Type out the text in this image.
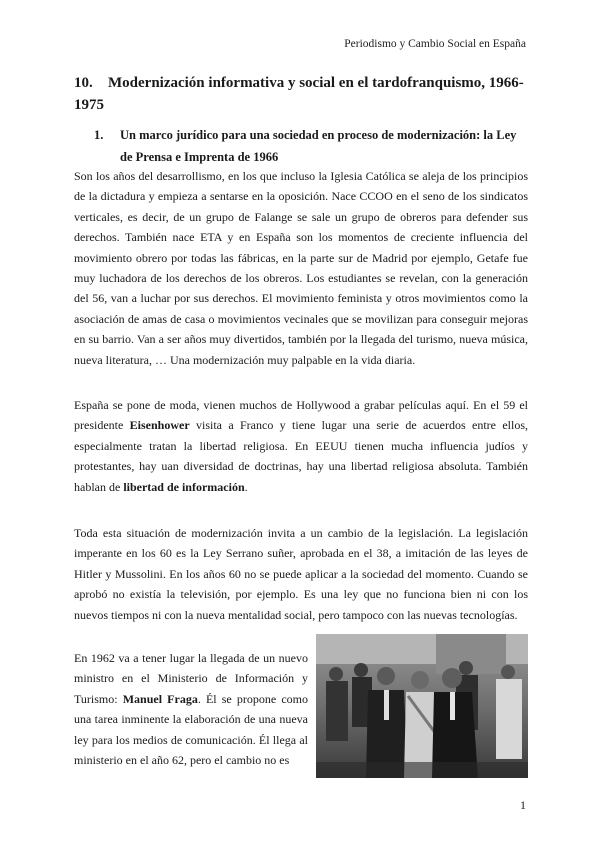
Periodismo y Cambio Social en España
10. Modernización informativa y social en el tardofranquismo, 1966-1975
1.	Un marco jurídico para una sociedad en proceso de modernización: la Ley de Prensa e Imprenta de 1966

Son los años del desarrollismo, en los que incluso la Iglesia Católica se aleja de los principios de la dictadura y empieza a sentarse en la oposición. Nace CCOO en el seno de los sindicatos verticales, es decir, de un grupo de Falange se sale un grupo de obreros para defender sus derechos. También nace ETA y en España son los momentos de creciente influencia del movimiento obrero por todas las fábricas, en la parte sur de Madrid por ejemplo, Getafe fue muy luchadora de los derechos de los obreros. Los estudiantes se revelan, con la generación del 56, van a luchar por sus derechos. El movimiento feminista y otros movimientos como la asociación de amas de casa o movimientos vecinales que se movilizan para conseguir mejoras en su barrio. Van a ser años muy divertidos, también por la llegada del turismo, nueva música, nueva literatura, … Una modernización muy palpable en la vida diaria.

España se pone de moda, vienen muchos de Hollywood a grabar películas aquí. En el 59 el presidente Eisenhower visita a Franco y tiene lugar una serie de acuerdos entre ellos, especialmente tratan la libertad religiosa. En EEUU tienen mucha influencia judíos y protestantes, hay uan diversidad de doctrinas, hay una libertad religiosa absoluta. También hablan de libertad de información.

Toda esta situación de modernización invita a un cambio de la legislación. La legislación imperante en los 60 es la Ley Serrano suñer, aprobada en el 38, a imitación de las leyes de Hitler y Mussolini. En los años 60 no se puede aplicar a la sociedad del momento. Cuando se aprobó no existía la televisión, por ejemplo. Es una ley que no funciona bien ni con los nuevos tiempos ni con la nueva mentalidad social, pero tampoco con las nuevas tecnologías.

En 1962 va a tener lugar la llegada de un nuevo ministro en el Ministerio de Información y Turismo: Manuel Fraga. Él se propone como una tarea inminente la elaboración de una nueva ley para los medios de comunicación. Él llega al ministerio en el año 62, pero el cambio no es

1
